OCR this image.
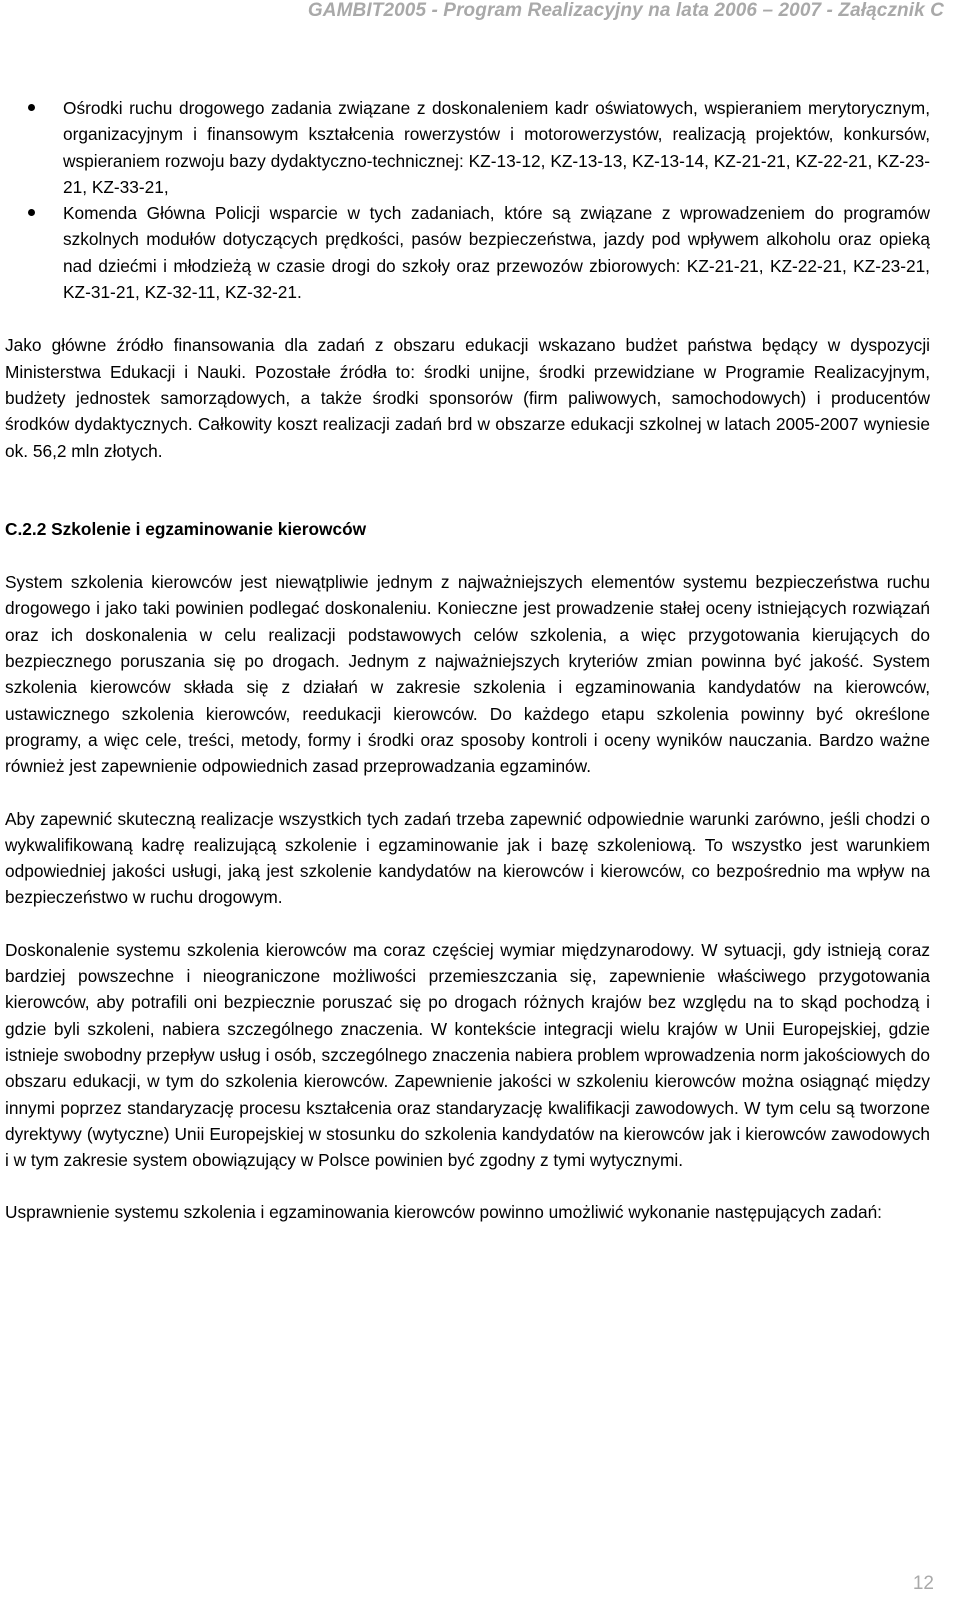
GAMBIT2005 - Program Realizacyjny na lata 2006 – 2007 - Załącznik C
Ośrodki ruchu drogowego zadania związane z doskonaleniem kadr oświatowych, wspieraniem merytorycznym, organizacyjnym i finansowym kształcenia rowerzystów i motorowerzystów, realizacją projektów, konkursów, wspieraniem rozwoju bazy dydaktyczno-technicznej: KZ-13-12, KZ-13-13, KZ-13-14, KZ-21-21, KZ-22-21, KZ-23-21, KZ-33-21,
Komenda Główna Policji wsparcie w tych zadaniach, które są związane z wprowadzeniem do programów szkolnych modułów dotyczących prędkości, pasów bezpieczeństwa, jazdy pod wpływem alkoholu oraz opieką nad dziećmi i młodzieżą w czasie drogi do szkoły oraz przewozów zbiorowych: KZ-21-21, KZ-22-21, KZ-23-21, KZ-31-21, KZ-32-11, KZ-32-21.

Jako główne źródło finansowania dla zadań z obszaru edukacji wskazano budżet państwa będący w dyspozycji Ministerstwa Edukacji i Nauki. Pozostałe źródła to: środki unijne, środki przewidziane w Programie Realizacyjnym, budżety jednostek samorządowych, a także środki sponsorów (firm paliwowych, samochodowych) i producentów środków dydaktycznych. Całkowity koszt realizacji zadań brd w obszarze edukacji szkolnej w latach 2005-2007 wyniesie ok. 56,2 mln złotych.

C.2.2 Szkolenie i egzaminowanie kierowców

System szkolenia kierowców jest niewątpliwie jednym z najważniejszych elementów systemu bezpieczeństwa ruchu drogowego i jako taki powinien podlegać doskonaleniu. Konieczne jest prowadzenie stałej oceny istniejących rozwiązań oraz ich doskonalenia w celu realizacji podstawowych celów szkolenia, a więc przygotowania kierujących do bezpiecznego poruszania się po drogach. Jednym z najważniejszych kryteriów zmian powinna być jakość. System szkolenia kierowców składa się z działań w zakresie szkolenia i egzaminowania kandydatów na kierowców, ustawicznego szkolenia kierowców, reedukacji kierowców. Do każdego etapu szkolenia powinny być określone programy, a więc cele, treści, metody, formy i środki oraz sposoby kontroli i oceny wyników nauczania. Bardzo ważne również jest zapewnienie odpowiednich zasad przeprowadzania egzaminów.

Aby zapewnić skuteczną realizacje wszystkich tych zadań trzeba zapewnić odpowiednie warunki zarówno, jeśli chodzi o wykwalifikowaną kadrę realizującą szkolenie i egzaminowanie jak i bazę szkoleniową. To wszystko jest warunkiem odpowiedniej jakości usługi, jaką jest szkolenie kandydatów na kierowców i kierowców, co bezpośrednio ma wpływ na bezpieczeństwo w ruchu drogowym.

Doskonalenie systemu szkolenia kierowców ma coraz częściej wymiar międzynarodowy. W sytuacji, gdy istnieją coraz bardziej powszechne i nieograniczone możliwości przemieszczania się, zapewnienie właściwego przygotowania kierowców, aby potrafili oni bezpiecznie poruszać się po drogach różnych krajów bez względu na to skąd pochodzą i gdzie byli szkoleni, nabiera szczególnego znaczenia. W kontekście integracji wielu krajów w Unii Europejskiej, gdzie istnieje swobodny przepływ usług i osób, szczególnego znaczenia nabiera problem wprowadzenia norm jakościowych do obszaru edukacji, w tym do szkolenia kierowców. Zapewnienie jakości w szkoleniu kierowców można osiągnąć między innymi poprzez standaryzację procesu kształcenia oraz standaryzację kwalifikacji zawodowych. W tym celu są tworzone dyrektywy (wytyczne) Unii Europejskiej w stosunku do szkolenia kandydatów na kierowców jak i kierowców zawodowych i w tym zakresie system obowiązujący w Polsce powinien być zgodny z tymi wytycznymi.

Usprawnienie systemu szkolenia i egzaminowania kierowców powinno umożliwić wykonanie następujących zadań:

12
